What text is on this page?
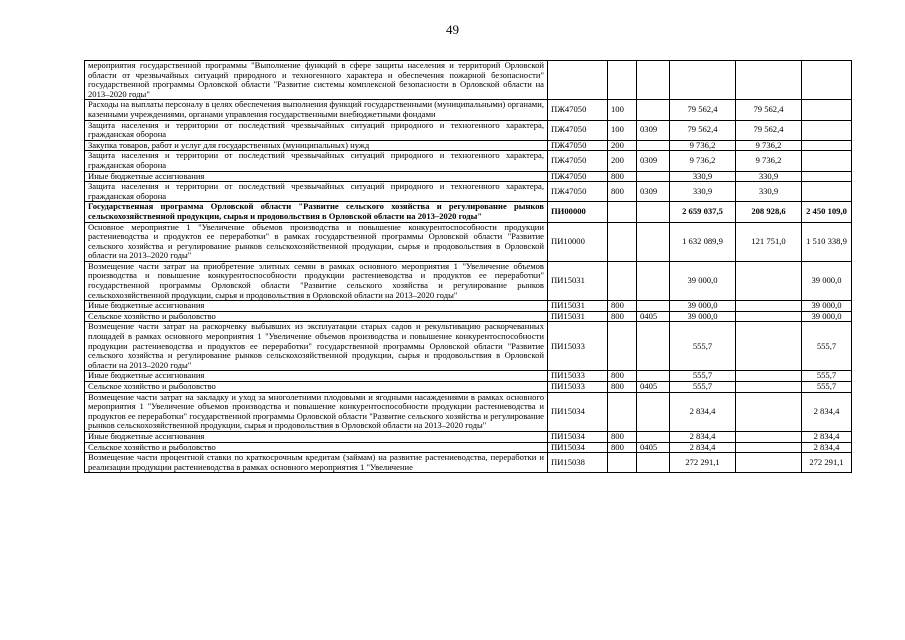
49
мероприятия государственной программы "Выполнение функций в сфере защиты населения и территорий Орловской области от чрезвычайных ситуаций природного и техногенного характера и обеспечения пожарной безопасности" государственной программы Орловской области "Развитие системы комплексной безопасности в Орловской области на 2013–2020 годы"						
Расходы на выплаты персоналу в целях обеспечения выполнения функций государственными (муниципальными) органами, казенными учреждениями, органами управления государственными внебюджетными фондами	ПЖ47050	100		79 562,4	79 562,4	
Защита населения и территории от последствий чрезвычайных ситуаций природного и техногенного характера, гражданская оборона	ПЖ47050	100	0309	79 562,4	79 562,4	
Закупка товаров, работ и услуг для государственных (муниципальных) нужд	ПЖ47050	200		9 736,2	9 736,2	
Защита населения и территории от последствий чрезвычайных ситуаций природного и техногенного характера, гражданская оборона	ПЖ47050	200	0309	9 736,2	9 736,2	
Иные бюджетные ассигнования	ПЖ47050	800		330,9	330,9	
Защита населения и территории от последствий чрезвычайных ситуаций природного и техногенного характера, гражданская оборона	ПЖ47050	800	0309	330,9	330,9	
Государственная программа Орловской области "Развитие сельского хозяйства и регулирование рынков сельскохозяйственной продукции, сырья и продовольствия в Орловской области на 2013–2020 годы"	ПИ00000			2 659 037,5	208 928,6	2 450 109,0
Основное мероприятие 1 "Увеличение объемов производства и повышение конкурентоспособности продукции растениеводства и продуктов ее переработки" в рамках государственной программы Орловской области "Развитие сельского хозяйства и регулирование рынков сельскохозяйственной продукции, сырья и продовольствия в Орловской области на 2013–2020 годы"	ПИ10000			1 632 089,9	121 751,0	1 510 338,9
Возмещение части затрат на приобретение элитных семян в рамках основного мероприятия 1 "Увеличение объемов производства и повышение конкурентоспособности продукции растениеводства и продуктов ее переработки" государственной программы Орловской области "Развитие сельского хозяйства и регулирование рынков сельскохозяйственной продукции, сырья и продовольствия в Орловской области на 2013–2020 годы"	ПИ15031			39 000,0		39 000,0
Иные бюджетные ассигнования	ПИ15031	800		39 000,0		39 000,0
Сельское хозяйство и рыболовство	ПИ15031	800	0405	39 000,0		39 000,0
Возмещение части затрат на раскорчевку выбывших из эксплуатации старых садов и рекультивацию раскорчеванных площадей в рамках основного мероприятия 1 "Увеличение объемов производства и повышение конкурентоспособности продукции растениеводства и продуктов ее переработки" государственной программы Орловской области "Развитие сельского хозяйства и регулирование рынков сельскохозяйственной продукции, сырья и продовольствия в Орловской области на 2013–2020 годы"	ПИ15033			555,7		555,7
Иные бюджетные ассигнования	ПИ15033	800		555,7		555,7
Сельское хозяйство и рыболовство	ПИ15033	800	0405	555,7		555,7
Возмещение части затрат на закладку и уход за многолетними плодовыми и ягодными насаждениями в рамках основного мероприятия 1 "Увеличение объемов производства и повышение конкурентоспособности продукции растениеводства и продуктов ее переработки" государственной программы Орловской области "Развитие сельского хозяйства и регулирование рынков сельскохозяйственной продукции, сырья и продовольствия в Орловской области на 2013–2020 годы"	ПИ15034			2 834,4		2 834,4
Иные бюджетные ассигнования	ПИ15034	800		2 834,4		2 834,4
Сельское хозяйство и рыболовство	ПИ15034	800	0405	2 834,4		2 834,4
Возмещение части процентной ставки по краткосрочным кредитам (займам) на развитие растениеводства, переработки и реализации продукции растениеводства в рамках основного мероприятия 1 "Увеличение	ПИ15038			272 291,1		272 291,1
